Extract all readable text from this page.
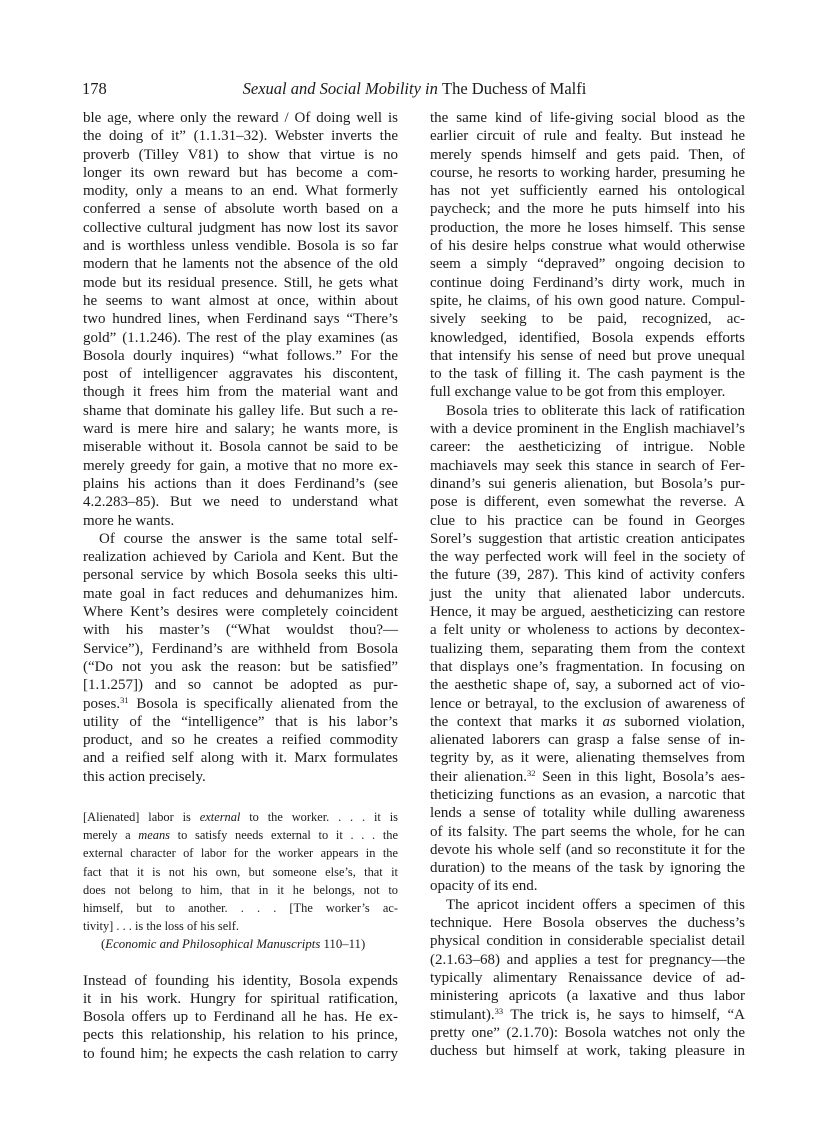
178	Sexual and Social Mobility in The Duchess of Malfi
ble age, where only the reward / Of doing well is
the doing of it” (1.1.31–32). Webster inverts the
proverb (Tilley V81) to show that virtue is no
longer its own reward but has become a com-
modity, only a means to an end. What formerly
conferred a sense of absolute worth based on a
collective cultural judgment has now lost its savor
and is worthless unless vendible. Bosola is so far
modern that he laments not the absence of the old
mode but its residual presence. Still, he gets what
he seems to want almost at once, within about
two hundred lines, when Ferdinand says “There’s
gold” (1.1.246). The rest of the play examines (as
Bosola dourly inquires) “what follows.” For the
post of intelligencer aggravates his discontent,
though it frees him from the material want and
shame that dominate his galley life. But such a re-
ward is mere hire and salary; he wants more, is
miserable without it. Bosola cannot be said to be
merely greedy for gain, a motive that no more ex-
plains his actions than it does Ferdinand’s (see
4.2.283–85). But we need to understand what
more he wants.
Of course the answer is the same total self-
realization achieved by Cariola and Kent. But the
personal service by which Bosola seeks this ulti-
mate goal in fact reduces and dehumanizes him.
Where Kent’s desires were completely coincident
with his master’s (“What wouldst thou?—
Service”), Ferdinand’s are withheld from Bosola
(“Do not you ask the reason: but be satisfied”
[1.1.257]) and so cannot be adopted as pur-
poses.$^{31}$ Bosola is specifically alienated from the
utility of the “intelligence” that is his labor’s
product, and so he creates a reified commodity
and a reified self along with it. Marx formulates
this action precisely.
[Alienated] labor is external to the worker. . . . it is
merely a means to satisfy needs external to it . . . the
external character of labor for the worker appears in the
fact that it is not his own, but someone else’s, that it
does not belong to him, that in it he belongs, not to
himself, but to another. . . . [The worker’s ac-
tivity] . . . is the loss of his self.
(Economic and Philosophical Manuscripts 110–11)
Instead of founding his identity, Bosola expends
it in his work. Hungry for spiritual ratification,
Bosola offers up to Ferdinand all he has. He ex-
pects this relationship, his relation to his prince,
to found him; he expects the cash relation to carry
the same kind of life-giving social blood as the
earlier circuit of rule and fealty. But instead he
merely spends himself and gets paid. Then, of
course, he resorts to working harder, presuming he
has not yet sufficiently earned his ontological
paycheck; and the more he puts himself into his
production, the more he loses himself. This sense
of his desire helps construe what would otherwise
seem a simply “depraved” ongoing decision to
continue doing Ferdinand’s dirty work, much in
spite, he claims, of his own good nature. Compul-
sively seeking to be paid, recognized, ac-
knowledged, identified, Bosola expends efforts
that intensify his sense of need but prove unequal
to the task of filling it. The cash payment is the
full exchange value to be got from this employer.
Bosola tries to obliterate this lack of ratification
with a device prominent in the English machiavel’s
career: the aestheticizing of intrigue. Noble
machiavels may seek this stance in search of Fer-
dinand’s sui generis alienation, but Bosola’s pur-
pose is different, even somewhat the reverse. A
clue to his practice can be found in Georges
Sorel’s suggestion that artistic creation anticipates
the way perfected work will feel in the society of
the future (39, 287). This kind of activity confers
just the unity that alienated labor undercuts.
Hence, it may be argued, aestheticizing can restore
a felt unity or wholeness to actions by decontex-
tualizing them, separating them from the context
that displays one’s fragmentation. In focusing on
the aesthetic shape of, say, a suborned act of vio-
lence or betrayal, to the exclusion of awareness of
the context that marks it as suborned violation,
alienated laborers can grasp a false sense of in-
tegrity by, as it were, alienating themselves from
their alienation.$^{32}$ Seen in this light, Bosola’s aes-
theticizing functions as an evasion, a narcotic that
lends a sense of totality while dulling awareness
of its falsity. The part seems the whole, for he can
devote his whole self (and so reconstitute it for the
duration) to the means of the task by ignoring the
opacity of its end.
The apricot incident offers a specimen of this
technique. Here Bosola observes the duchess’s
physical condition in considerable specialist detail
(2.1.63–68) and applies a test for pregnancy—the
typically alimentary Renaissance device of ad-
ministering apricots (a laxative and thus labor
stimulant).$^{33}$ The trick is, he says to himself, “A
pretty one” (2.1.70): Bosola watches not only the
duchess but himself at work, taking pleasure in
